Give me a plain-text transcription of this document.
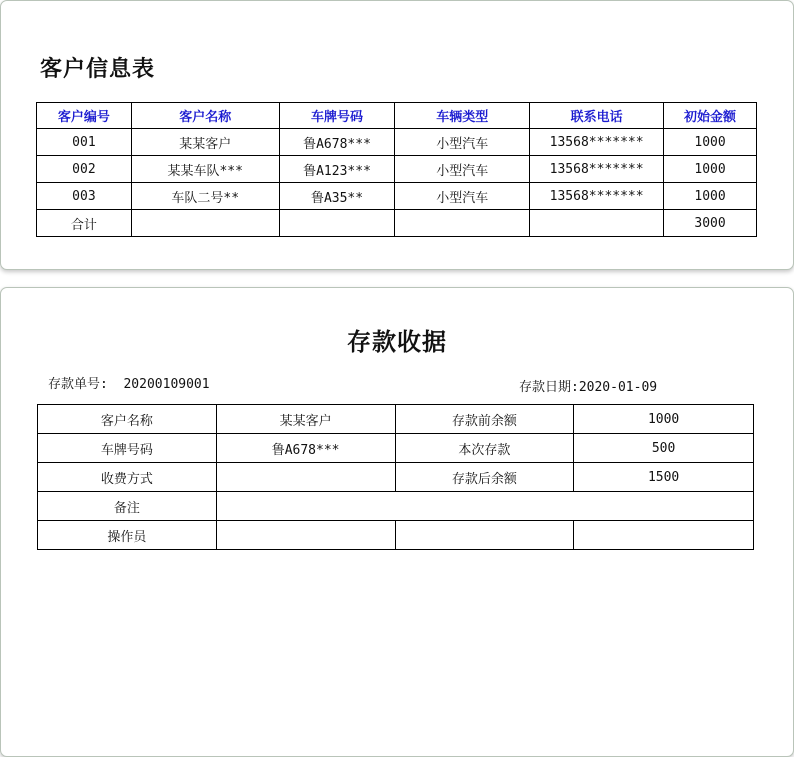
客户信息表
客户编号	客户名称	车牌号码	车辆类型	联系电话	初始金额
001	某某客户	鲁A678***	小型汽车	13568*******	1000
002	某某车队***	鲁A123***	小型汽车	13568*******	1000
003	车队二号**	鲁A35**	小型汽车	13568*******	1000
合计					3000
存款收据
存款单号: 20200109001	存款日期:2020-01-09
客户名称	某某客户	存款前余额	1000
车牌号码	鲁A678***	本次存款	500
收费方式		存款后余额	1500
备注			
操作员			
